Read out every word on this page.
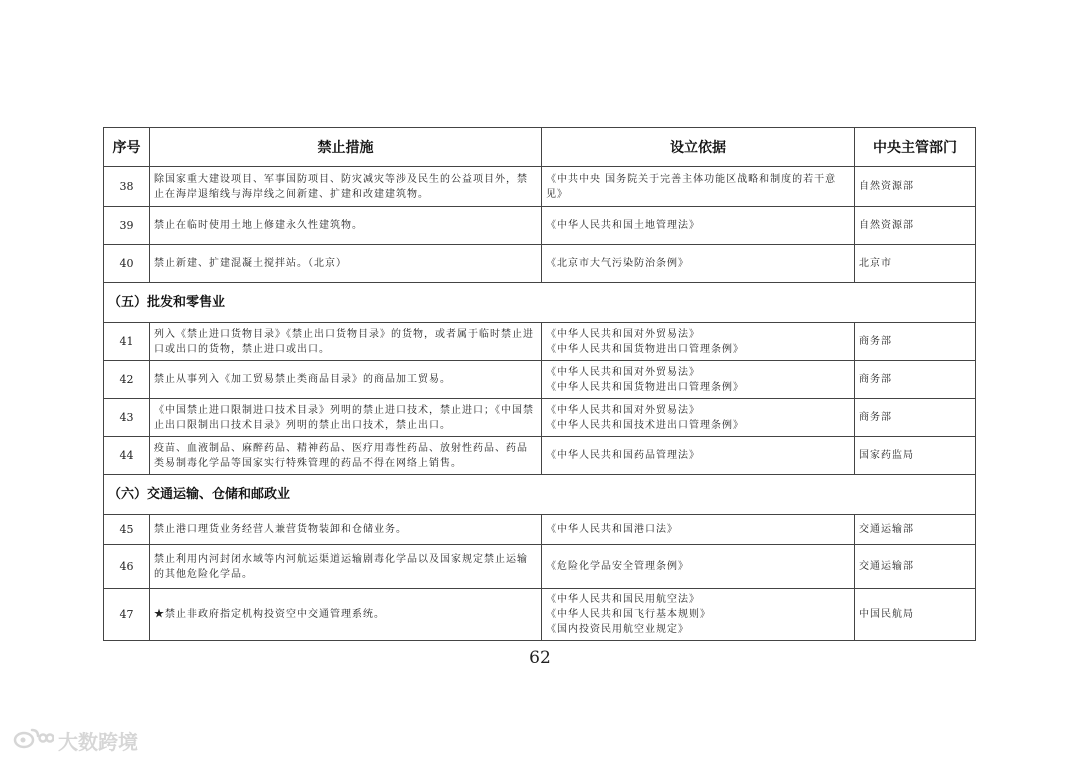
序号	禁止措施	设立依据	中央主管部门
38	除国家重大建设项目、军事国防项目、防灾减灾等涉及民生的公益项目外，禁止在海岸退缩线与海岸线之间新建、扩建和改建建筑物。	《中共中央 国务院关于完善主体功能区战略和制度的若干意见》	自然资源部
39	禁止在临时使用土地上修建永久性建筑物。	《中华人民共和国土地管理法》	自然资源部
40	禁止新建、扩建混凝土搅拌站。（北京）	《北京市大气污染防治条例》	北京市
（五）批发和零售业			
41	列入《禁止进口货物目录》《禁止出口货物目录》的货物，或者属于临时禁止进口或出口的货物，禁止进口或出口。	《中华人民共和国对外贸易法》
《中华人民共和国货物进出口管理条例》	商务部
42	禁止从事列入《加工贸易禁止类商品目录》的商品加工贸易。	《中华人民共和国对外贸易法》
《中华人民共和国货物进出口管理条例》	商务部
43	《中国禁止进口限制进口技术目录》列明的禁止进口技术，禁止进口；《中国禁止出口限制出口技术目录》列明的禁止出口技术，禁止出口。	《中华人民共和国对外贸易法》
《中华人民共和国技术进出口管理条例》	商务部
44	疫苗、血液制品、麻醉药品、精神药品、医疗用毒性药品、放射性药品、药品类易制毒化学品等国家实行特殊管理的药品不得在网络上销售。	《中华人民共和国药品管理法》	国家药监局
（六）交通运输、仓储和邮政业			
45	禁止港口理货业务经营人兼营货物装卸和仓储业务。	《中华人民共和国港口法》	交通运输部
46	禁止利用内河封闭水域等内河航运渠道运输剧毒化学品以及国家规定禁止运输的其他危险化学品。	《危险化学品安全管理条例》	交通运输部
47	★禁止非政府指定机构投资空中交通管理系统。	《中华人民共和国民用航空法》
《中华人民共和国飞行基本规则》
《国内投资民用航空业规定》	中国民航局
62
大数跨境
